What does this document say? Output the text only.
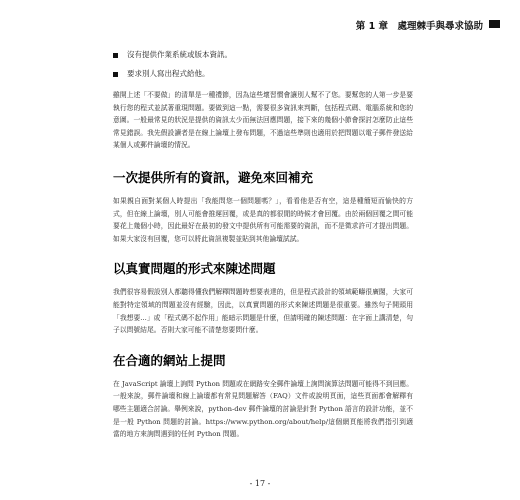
第 1 章　處理棘手與尋求協助
沒有提供作業系統或版本資訊。
要求別人寫出程式給他。

雖開上述「不要做」的清單是一種禮節，因為這些壞習慣會讓別人幫不了您。要幫您的人第一步是要執行您的程式並試著重現問題。要做到這一點，需要很多資訊來判斷，包括程式碼、電腦系統和您的意圖。一般最常見的狀況是提供的資訊太少而無法回應問題，接下來的幾個小節會探討怎麼防止這些常見錯誤。我先假設讀者是在線上論壇上發布問題，不過這些準則也適用於把問題以電子郵件發送給某個人或郵件論壇的情況。

一次提供所有的資訊，避免來回補充

如果親自面對某個人時提出「我能問您一個問題嗎？」，看看他是否有空，這是種簡短而愉快的方式，但在線上論壇，別人可能會推遲回覆，或是真的都很閒的時候才會回覆。由於兩個回覆之間可能要花上幾個小時，因此最好在最初的發文中提供所有可能需要的資訊，而不是徵求許可才提出問題。如果大家沒有回覆，您可以將此資訊複製並貼到其他論壇試試。

以真實問題的形式來陳述問題

我們很容易假設別人都聽得懂我們解釋問題時想要表達的，但是程式設計的領域範疇很廣闊，大家可能對特定領域的問題並沒有經驗，因此，以真實問題的形式來陳述問題是很重要。雖然句子開頭用「我想要...」或「程式碼不起作用」能暗示問題是什麼，但請明確的陳述問題：在字面上講清楚，句子以問號結尾。否則大家可能不清楚您要問什麼。

在合適的網站上提問

在 JavaScript 論壇上詢問 Python 問題或在網路安全郵件論壇上詢問演算法問題可能得不到回應。一般來說，郵件論壇和線上論壇都有常見問題解答（FAQ）文件或說明頁面，這些頁面都會解釋有哪些主題適合討論。舉例來說，python-dev 郵件論壇的討論是針對 Python 語言的設計功能，並不是一般 Python 問題的討論。https://www.python.org/about/help/這個網頁能將我們指引到適當的地方來詢問遇到的任何 Python 問題。

- 17 -
